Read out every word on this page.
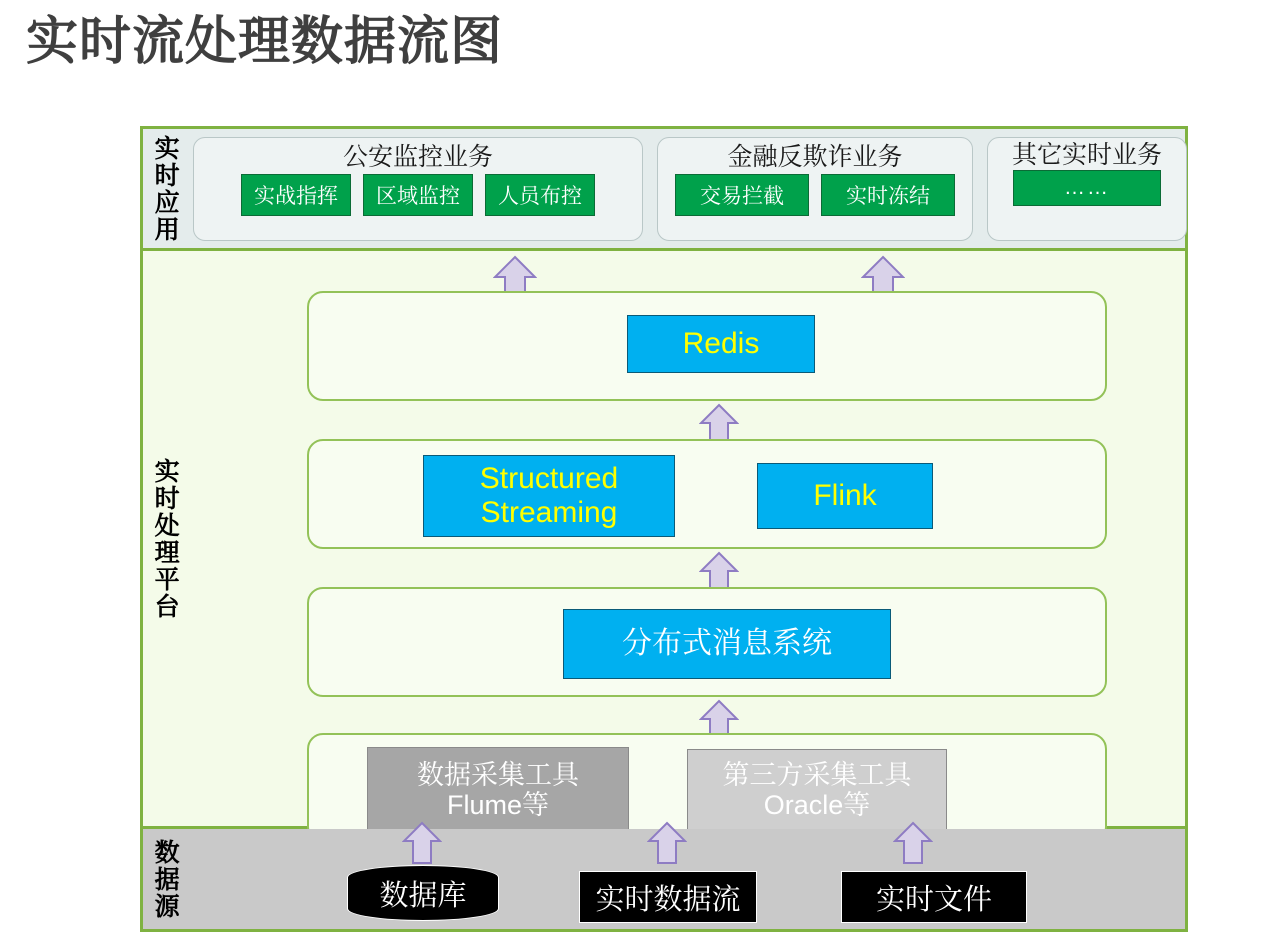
实时流处理数据流图
实时应用	公安监控业务
实战指挥	区域监控	人员布控
金融反欺诈业务
交易拦截	实时冻结
其它实时业务
……
实时处理平台
Redis
Structured
Streaming
Flink
分布式消息系统
数据采集工具
Flume等
第三方采集工具
Oracle等
数据源	数据库	实时数据流	实时文件
